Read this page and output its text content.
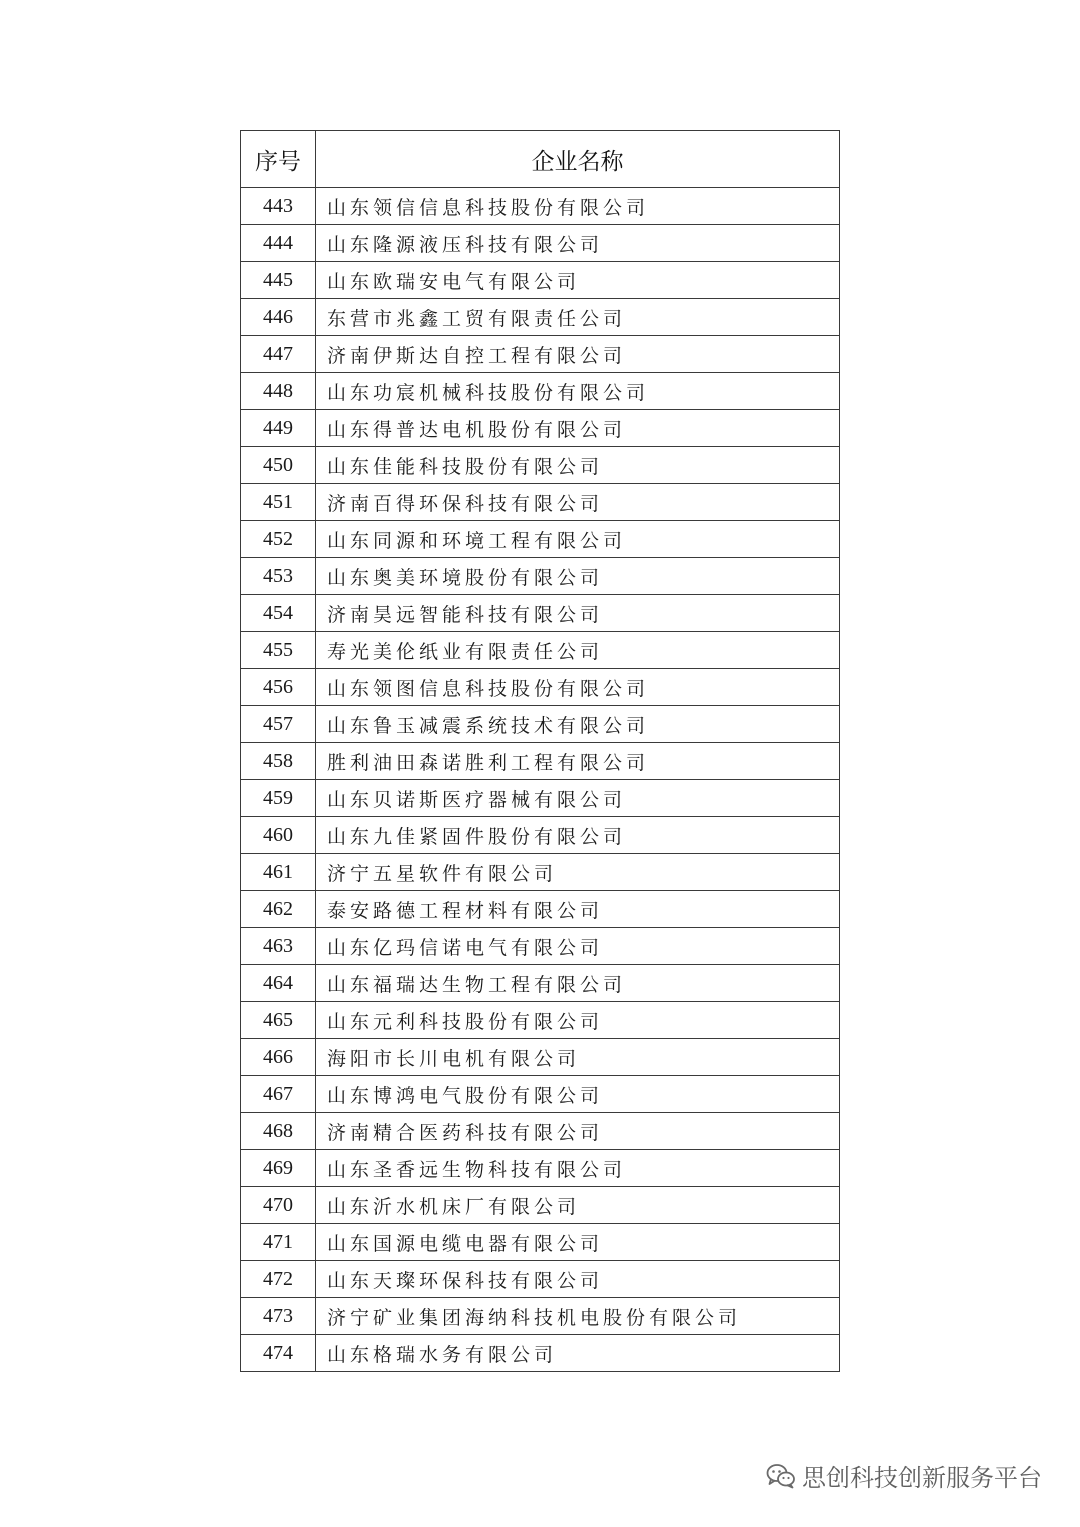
序号	企业名称
443	山东领信信息科技股份有限公司
444	山东隆源液压科技有限公司
445	山东欧瑞安电气有限公司
446	东营市兆鑫工贸有限责任公司
447	济南伊斯达自控工程有限公司
448	山东功宸机械科技股份有限公司
449	山东得普达电机股份有限公司
450	山东佳能科技股份有限公司
451	济南百得环保科技有限公司
452	山东同源和环境工程有限公司
453	山东奥美环境股份有限公司
454	济南昊远智能科技有限公司
455	寿光美伦纸业有限责任公司
456	山东领图信息科技股份有限公司
457	山东鲁玉减震系统技术有限公司
458	胜利油田森诺胜利工程有限公司
459	山东贝诺斯医疗器械有限公司
460	山东九佳紧固件股份有限公司
461	济宁五星软件有限公司
462	泰安路德工程材料有限公司
463	山东亿玛信诺电气有限公司
464	山东福瑞达生物工程有限公司
465	山东元利科技股份有限公司
466	海阳市长川电机有限公司
467	山东博鸿电气股份有限公司
468	济南精合医药科技有限公司
469	山东圣香远生物科技有限公司
470	山东沂水机床厂有限公司
471	山东国源电缆电器有限公司
472	山东天璨环保科技有限公司
473	济宁矿业集团海纳科技机电股份有限公司
474	山东格瑞水务有限公司
思创科技创新服务平台
